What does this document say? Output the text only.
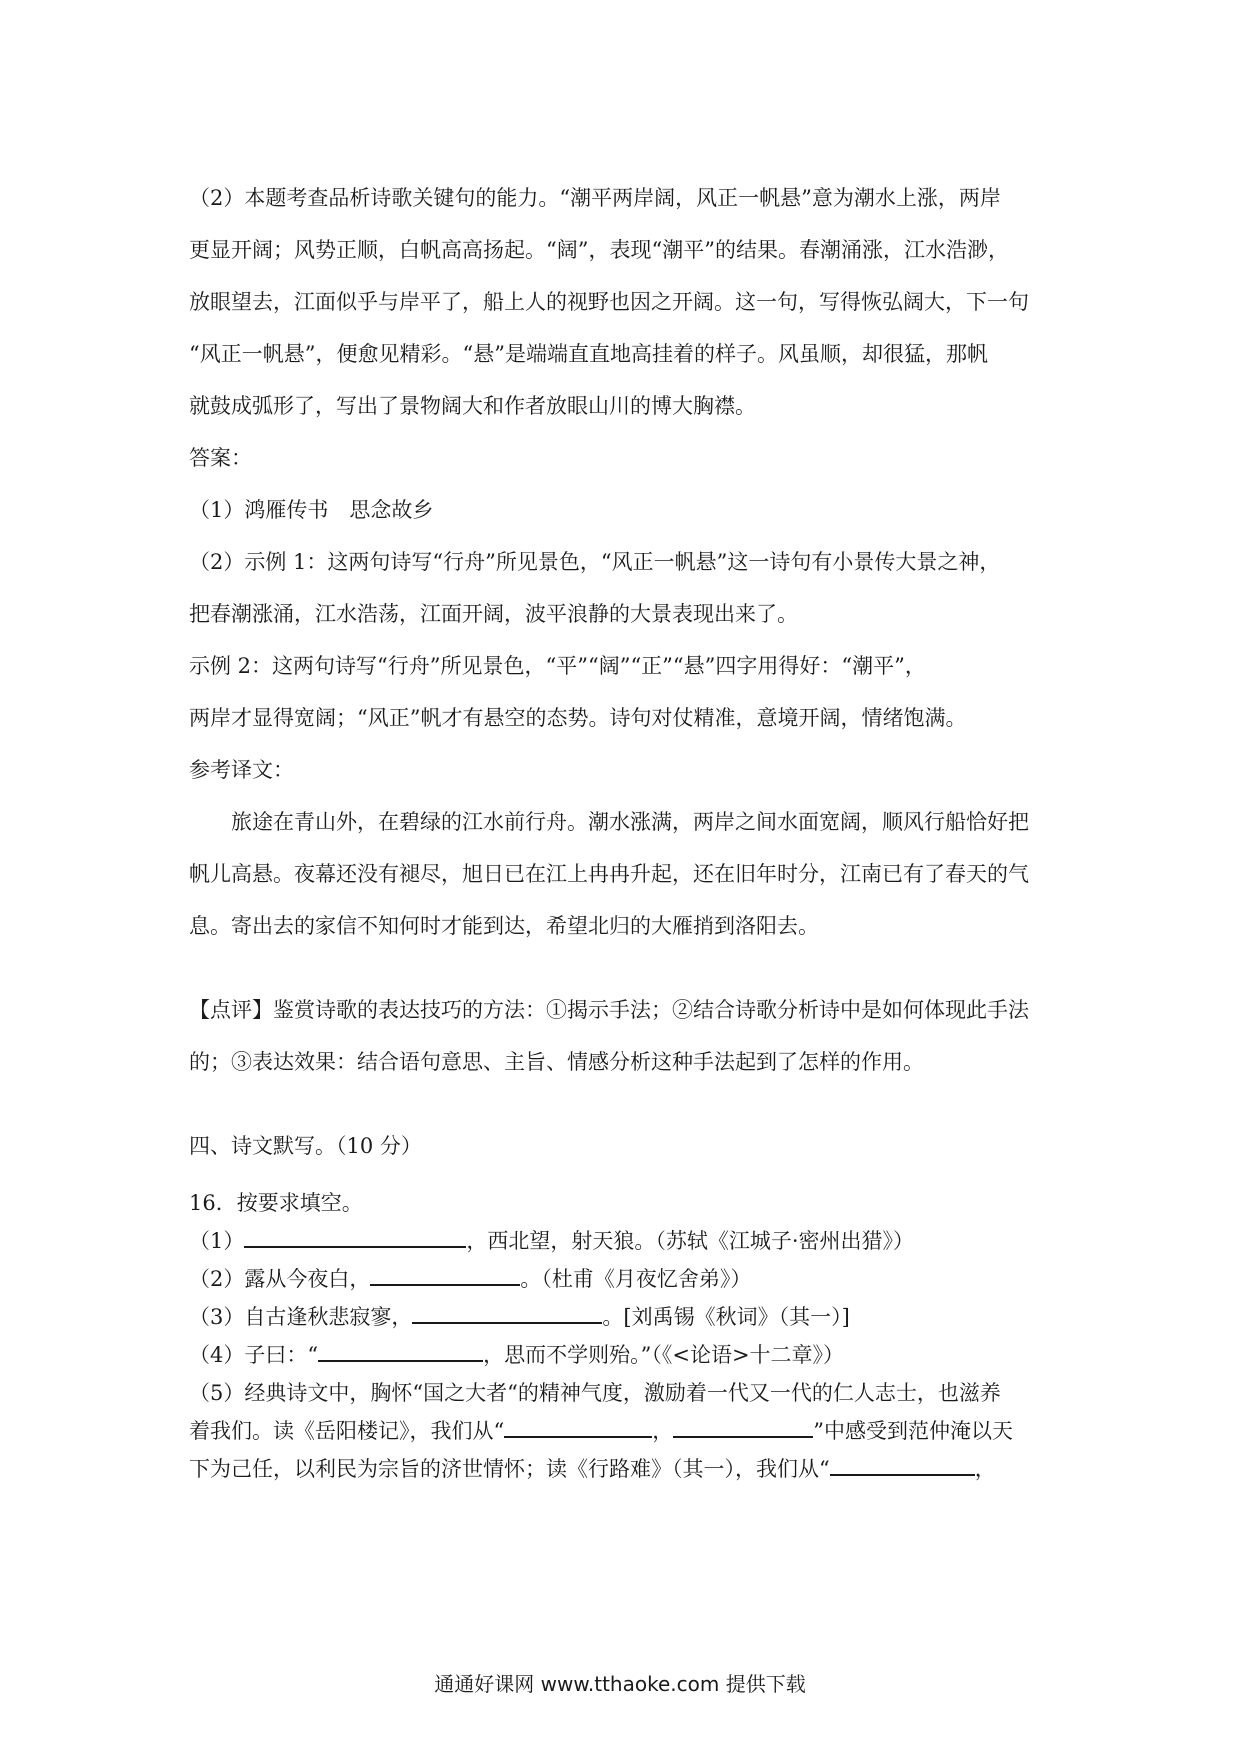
（2）本题考查品析诗歌关键句的能力。“潮平两岸阔，风正一帆悬”意为潮水上涨，两岸
更显开阔；风势正顺，白帆高高扬起。“阔”，表现“潮平”的结果。春潮涌涨，江水浩渺，
放眼望去，江面似乎与岸平了，船上人的视野也因之开阔。这一句，写得恢弘阔大，下一句
“风正一帆悬”，便愈见精彩。“悬”是端端直直地高挂着的样子。风虽顺，却很猛，那帆
就鼓成弧形了，写出了景物阔大和作者放眼山川的博大胸襟。
答案：
（1）鸿雁传书　思念故乡
（2）示例 1：这两句诗写“行舟”所见景色，“风正一帆悬”这一诗句有小景传大景之神，
把春潮涨涌，江水浩荡，江面开阔，波平浪静的大景表现出来了。
示例 2：这两句诗写“行舟”所见景色，“平”“阔”“正”“悬”四字用得好：“潮平”，
两岸才显得宽阔；“风正”帆才有悬空的态势。诗句对仗精准，意境开阔，情绪饱满。
参考译文：
旅途在青山外，在碧绿的江水前行舟。潮水涨满，两岸之间水面宽阔，顺风行船恰好把
帆儿高悬。夜幕还没有褪尽，旭日已在江上冉冉升起，还在旧年时分，江南已有了春天的气
息。寄出去的家信不知何时才能到达，希望北归的大雁捎到洛阳去。
【点评】鉴赏诗歌的表达技巧的方法：①揭示手法；②结合诗歌分析诗中是如何体现此手法
的；③表达效果：结合语句意思、主旨、情感分析这种手法起到了怎样的作用。
四、诗文默写。（10 分）
16．按要求填空。
（1）	，西北望，射天狼。（苏轼《江城子·密州出猎》）
（2）露从今夜白，	。（杜甫《月夜忆舍弟》）
（3）自古逢秋悲寂寥，	。[刘禹锡《秋词》（其一）]
（4）子曰：“	，思而不学则殆。”（《<论语>十二章》）
（5）经典诗文中，胸怀“国之大者“的精神气度，激励着一代又一代的仁人志士，也滋养
着我们。读《岳阳楼记》，我们从“	，	”中感受到范仲淹以天
下为己任，以利民为宗旨的济世情怀；读《行路难》（其一），我们从“	，
通通好课网 www.tthaoke.com 提供下载
